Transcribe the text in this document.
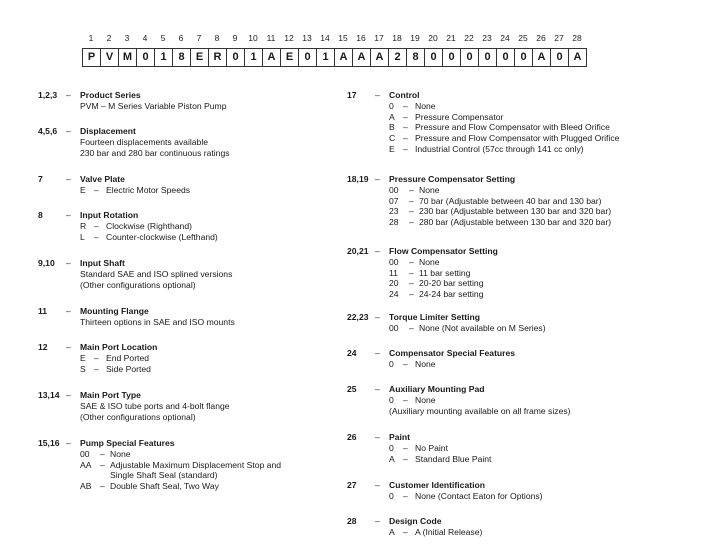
1	2	3	4	5	6	7	8	9	10	11	12	13	14	15	16	17	18	19	20	21	22	23	24	25	26	27	28
P V M 0	1	8	E R 0	1 A E	0	1 A A A 2	8	0	0	0	0	0	0 A 0 A
1,2,3	– Product Series
PVM – M Series Variable Piston Pump
4,5,6	– Displacement
Fourteen displacements available
230 bar and 280 bar continuous ratings
7	– Valve Plate
E – Electric Motor Speeds
8	– Input Rotation
R – Clockwise (Righthand)
L	– Counter-clockwise (Lefthand)
9,10	– Input Shaft
Standard SAE and ISO splined versions
(Other configurations optional)
11	– Mounting Flange
Thirteen options in SAE and ISO mounts
12	– Main Port Location
E – End Ported
S – Side Ported
13,14 – Main Port Type
SAE & ISO tube ports and 4-bolt flange
(Other configurations optional)
15,16 – Pump Special Features
00	– None
AA – Adjustable Maximum Displacement Stop and
Single Shaft Seal (standard)
AB – Double Shaft Seal, Two Way
17	– Control
0	– None
A – Pressure Compensator
B – Pressure and Flow Compensator with Bleed Orifice
C – Pressure and Flow Compensator with Plugged Orifice
E – Industrial Control (57cc through 141 cc only)
18,19 – Pressure Compensator Setting
00	– None
07	– 70 bar (Adjustable between 40 bar and 130 bar)
23	– 230 bar (Adjustable between 130 bar and 320 bar)
28	– 280 bar (Adjustable between 130 bar and 320 bar)
20,21 – Flow Compensator Setting
00	– None
11	– 11 bar setting
20	– 20-20 bar setting
24	– 24-24 bar setting
22,23 – Torque Limiter Setting
00	– None (Not available on M Series)
24	– Compensator Special Features
0	– None
25	– Auxiliary Mounting Pad
0	– None
(Auxiliary mounting available on all frame sizes)
26	– Paint
0	– No Paint
A – Standard Blue Paint
27	– Customer Identification
0	– None (Contact Eaton for Options)
28	– Design Code
A – A (Initial Release)
